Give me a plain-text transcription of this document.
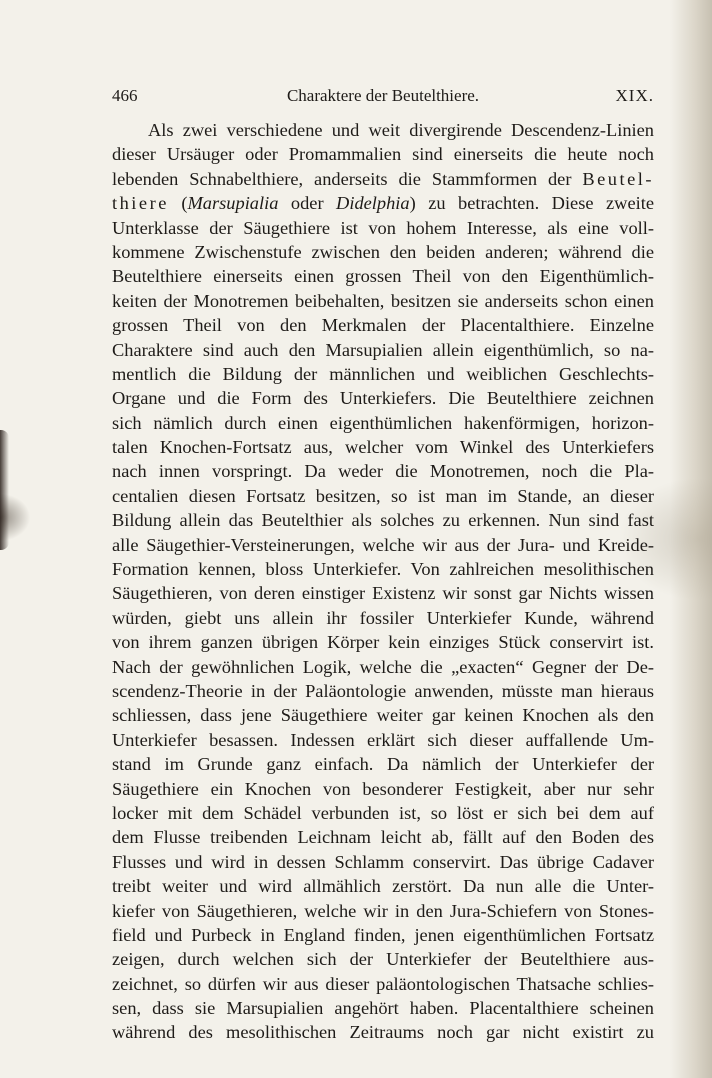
466	Charaktere der Beutelthiere.	XIX.
Als zwei verschiedene und weit divergirende Descendenz-Linien
dieser Ursäuger oder Promammalien sind einerseits die heute noch
lebenden Schnabelthiere, anderseits die Stammformen der Beutel-
thiere (Marsupialia oder Didelphia) zu betrachten. Diese zweite
Unterklasse der Säugethiere ist von hohem Interesse, als eine voll-
kommene Zwischenstufe zwischen den beiden anderen; während die
Beutelthiere einerseits einen grossen Theil von den Eigenthümlich-
keiten der Monotremen beibehalten, besitzen sie anderseits schon einen
grossen Theil von den Merkmalen der Placentalthiere. Einzelne
Charaktere sind auch den Marsupialien allein eigenthümlich, so na-
mentlich die Bildung der männlichen und weiblichen Geschlechts-
Organe und die Form des Unterkiefers. Die Beutelthiere zeichnen
sich nämlich durch einen eigenthümlichen hakenförmigen, horizon-
talen Knochen-Fortsatz aus, welcher vom Winkel des Unterkiefers
nach innen vorspringt. Da weder die Monotremen, noch die Pla-
centalien diesen Fortsatz besitzen, so ist man im Stande, an dieser
Bildung allein das Beutelthier als solches zu erkennen. Nun sind fast
alle Säugethier-Versteinerungen, welche wir aus der Jura- und Kreide-
Formation kennen, bloss Unterkiefer. Von zahlreichen mesolithischen
Säugethieren, von deren einstiger Existenz wir sonst gar Nichts wissen
würden, giebt uns allein ihr fossiler Unterkiefer Kunde, während
von ihrem ganzen übrigen Körper kein einziges Stück conservirt ist.
Nach der gewöhnlichen Logik, welche die „exacten“ Gegner der De-
scendenz-Theorie in der Paläontologie anwenden, müsste man hieraus
schliessen, dass jene Säugethiere weiter gar keinen Knochen als den
Unterkiefer besassen. Indessen erklärt sich dieser auffallende Um-
stand im Grunde ganz einfach. Da nämlich der Unterkiefer der
Säugethiere ein Knochen von besonderer Festigkeit, aber nur sehr
locker mit dem Schädel verbunden ist, so löst er sich bei dem auf
dem Flusse treibenden Leichnam leicht ab, fällt auf den Boden des
Flusses und wird in dessen Schlamm conservirt. Das übrige Cadaver
treibt weiter und wird allmählich zerstört. Da nun alle die Unter-
kiefer von Säugethieren, welche wir in den Jura-Schiefern von Stones-
field und Purbeck in England finden, jenen eigenthümlichen Fortsatz
zeigen, durch welchen sich der Unterkiefer der Beutelthiere aus-
zeichnet, so dürfen wir aus dieser paläontologischen Thatsache schlies-
sen, dass sie Marsupialien angehört haben. Placentalthiere scheinen
während des mesolithischen Zeitraums noch gar nicht existirt zu
